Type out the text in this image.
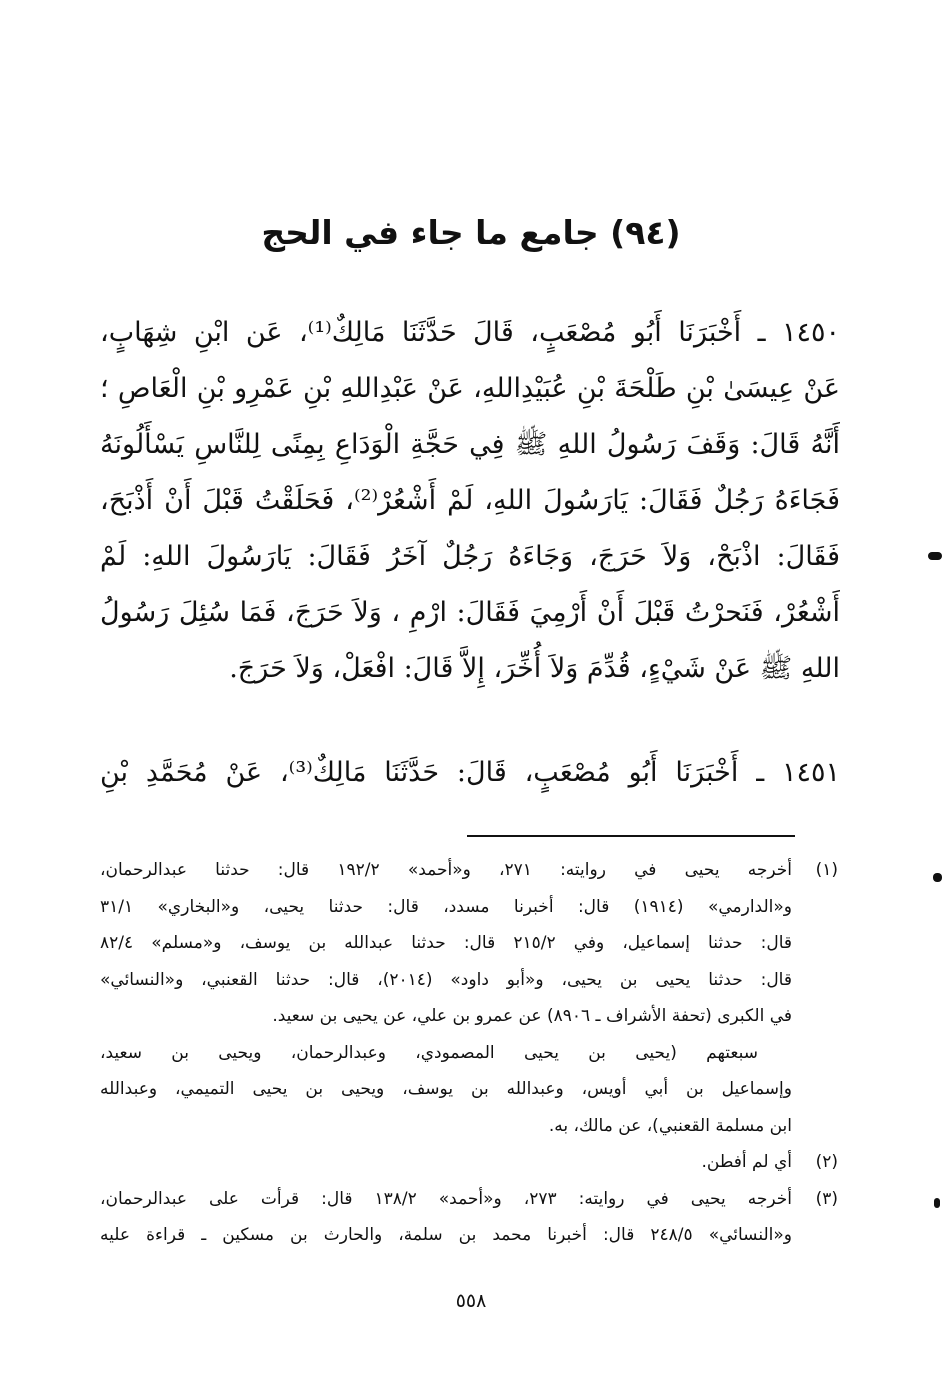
(٩٤) جامع ما جاء في الحج
١٤٥٠ ـ أَخْبَرَنَا أَبُو مُصْعَبٍ، قَالَ حَدَّثَنَا مَالِكٌ⁽¹⁾، عَن ابْنِ شِهَابٍ،
عَنْ عِيسَىٰ بْنِ طَلْحَةَ بْنِ عُبَيْدِاللهِ، عَنْ عَبْدِاللهِ بْنِ عَمْرِو بْنِ الْعَاصِ ؛
أَنَّهُ قَالَ: وَقَفَ رَسُولُ اللهِ ﷺ فِي حَجَّةِ الْوَدَاعِ بِمِنًى لِلنَّاسِ يَسْأَلُونَهُ
فَجَاءَهُ رَجُلٌ فَقَالَ: يَارَسُولَ اللهِ، لَمْ أَشْعُرْ⁽²⁾، فَحَلَقْتُ قَبْلَ أَنْ أَذْبَحَ،
فَقَالَ: اذْبَحْ، وَلاَ حَرَجَ، وَجَاءَهُ رَجُلٌ آخَرُ فَقَالَ: يَارَسُولَ اللهِ: لَمْ
أَشْعُرْ، فَنَحرْتُ قَبْلَ أَنْ أَرْمِيَ فَقَالَ: ارْمِ ، وَلاَ حَرَجَ، فَمَا سُئِلَ رَسُولُ
اللهِ ﷺ عَنْ شَيْءٍ، قُدِّمَ وَلاَ أُخِّرَ، إِلاَّ قَالَ: افْعَلْ، وَلاَ حَرَجَ.
١٤٥١ ـ أَخْبَرَنَا أَبُو مُصْعَبٍ، قَالَ: حَدَّثَنَا مَالِكٌ⁽³⁾، عَنْ مُحَمَّدِ بْنِ
(١)
أخرجه يحيى في روايته: ٢٧١، و«أحمد» ١٩٢/٢ قال: حدثنا عبدالرحمان،
و«الدارمي» (١٩١٤) قال: أخبرنا مسدد، قال: حدثنا يحيى، و«البخاري» ٣١/١
قال: حدثنا إسماعيل، وفي ٢١٥/٢ قال: حدثنا عبدالله بن يوسف، و«مسلم» ٨٢/٤
قال: حدثنا يحيى بن يحيى، و«أبو داود» (٢٠١٤)، قال: حدثنا القعنبي، و«النسائي»
في الكبرى (تحفة الأشراف ـ ٨٩٠٦) عن عمرو بن علي، عن يحيى بن سعيد.
سبعتهم (يحيى بن يحيى المصمودي، وعبدالرحمان، ويحيى بن سعيد،
وإسماعيل بن أبي أويس، وعبدالله بن يوسف، ويحيى بن يحيى التميمي، وعبدالله
ابن مسلمة القعنبي)، عن مالك، به.
(٢)
أي لم أفطن.
(٣)
أخرجه يحيى في روايته: ٢٧٣، و«أحمد» ١٣٨/٢ قال: قرأت على عبدالرحمان،
و«النسائي» ٢٤٨/٥ قال: أخبرنا محمد بن سلمة، والحارث بن مسكين ـ قراءة عليه
٥٥٨
